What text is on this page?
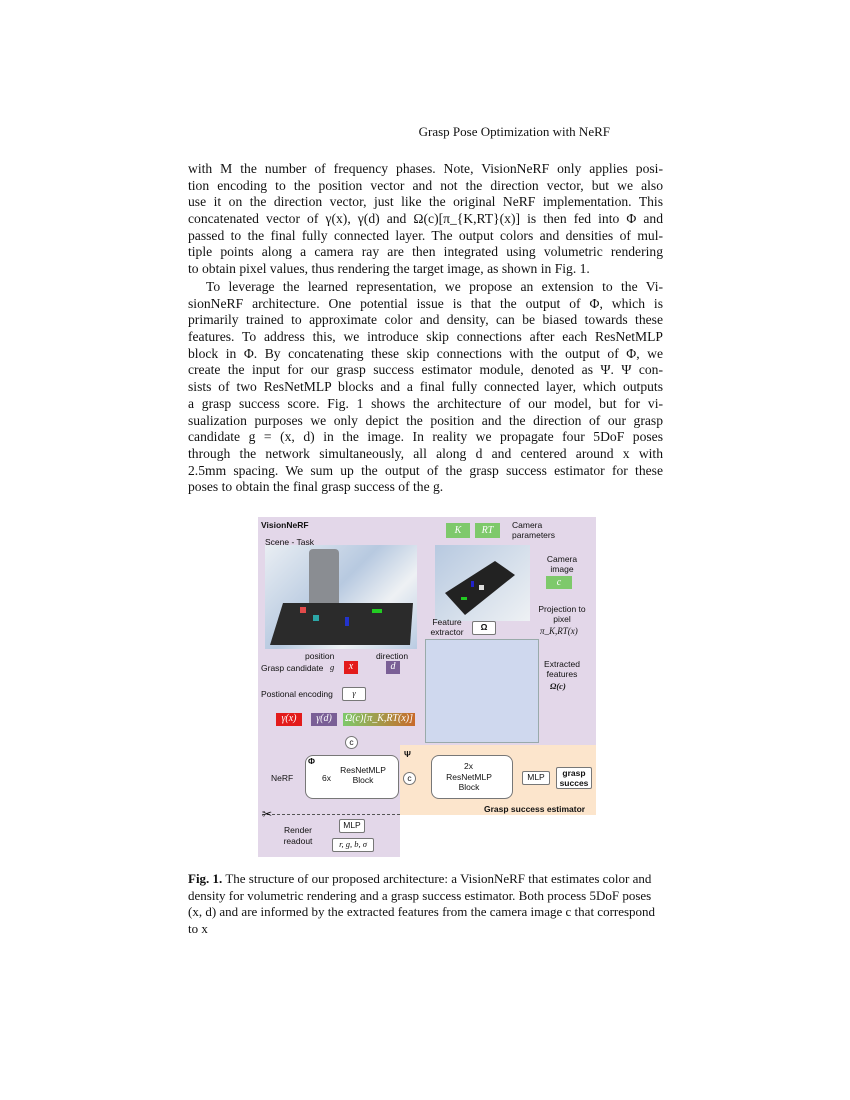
Grasp Pose Optimization with NeRF
with M the number of frequency phases. Note, VisionNeRF only applies posi-
tion encoding to the position vector and not the direction vector, but we also
use it on the direction vector, just like the original NeRF implementation. This
concatenated vector of γ(x), γ(d) and Ω(c)[π_{K,RT}(x)] is then fed into Φ and
passed to the final fully connected layer. The output colors and densities of mul-
tiple points along a camera ray are then integrated using volumetric rendering
to obtain pixel values, thus rendering the target image, as shown in Fig. 1.
To leverage the learned representation, we propose an extension to the Vi-
sionNeRF architecture. One potential issue is that the output of Φ, which is
primarily trained to approximate color and density, can be biased towards these
features. To address this, we introduce skip connections after each ResNetMLP
block in Φ. By concatenating these skip connections with the output of Φ, we
create the input for our grasp success estimator module, denoted as Ψ. Ψ con-
sists of two ResNetMLP blocks and a final fully connected layer, which outputs
a grasp success score. Fig. 1 shows the architecture of our model, but for vi-
sualization purposes we only depict the position and the direction of our grasp
candidate g = (x, d) in the image. In reality we propagate four 5DoF poses
through the network simultaneously, all along d and centered around x with
2.5mm spacing. We sum up the output of the grasp success estimator for these
poses to obtain the final grasp success of the g.
VisionNeRF
Scene - Task
K	RT	Camera parameters
Camera image
c
Projection to pixel
π_K,RT(x)
Feature extractor	Ω
Extracted features
Ω(c)
position	direction
Grasp candidate g	x	d
Postional encoding	γ
γ(x)	γ(d)	Ω(c)[π_K,RT(x)]
c
Φ
NeRF	6x
ResNetMLP Block	c
Ψ
2x
ResNetMLP Block
MLP	grasp succes
Grasp success estimator
✂
MLP
Render readout	r, g, b, σ
Fig. 1. The structure of our proposed architecture: a VisionNeRF that estimates color and density for volumetric rendering and a grasp success estimator. Both process 5DoF poses (x, d) and are informed by the extracted features from the camera image c that correspond to x
